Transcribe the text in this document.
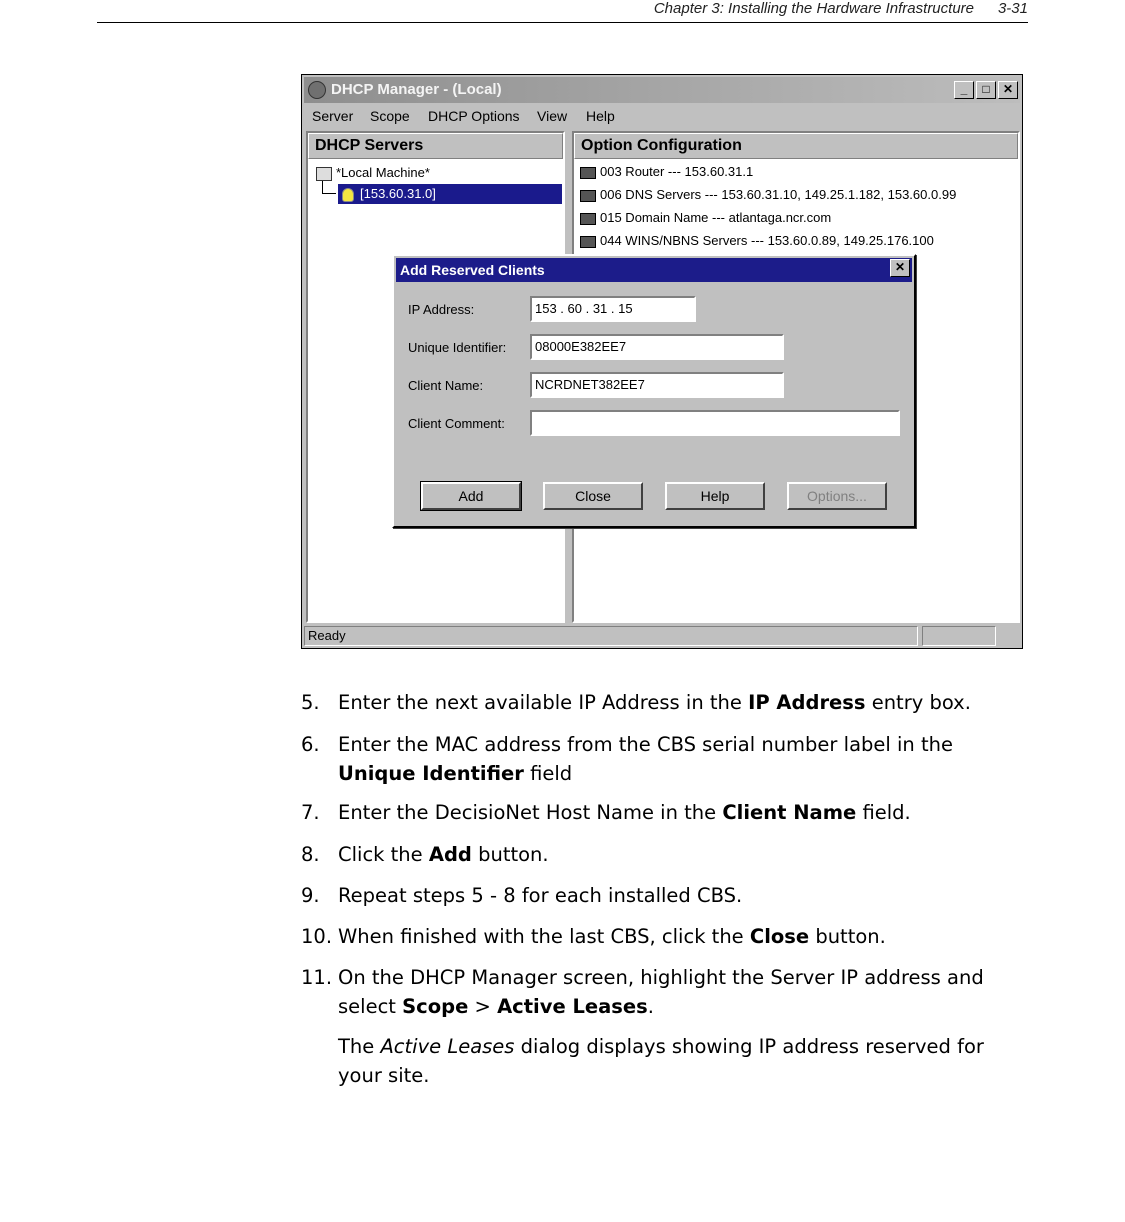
Chapter 3: Installing the Hardware Infrastructure 3-31
DHCP Manager - (Local)	_	□	✕
Server Scope DHCP Options View Help
DHCP Servers
*Local Machine*
[153.60.31.0]
Option Configuration
003 Router --- 153.60.31.1
006 DNS Servers --- 153.60.31.10, 149.25.1.182, 153.60.0.99
015 Domain Name --- atlantaga.ncr.com
044 WINS/NBNS Servers --- 153.60.0.89, 149.25.176.100
Ready
Add Reserved Clients	✕
IP Address:	153 . 60 . 31 . 15
Unique Identifier:	08000E382EE7
Client Name:	NCRDNET382EE7
Client Comment:
Add	Close	Help	Options...
5. Enter the next available IP Address in the IP Address entry box.
6. Enter the MAC address from the CBS serial number label in the Unique Identifier field
7. Enter the DecisioNet Host Name in the Client Name field.
8. Click the Add button.
9. Repeat steps 5 - 8 for each installed CBS.
10. When finished with the last CBS, click the Close button.
11. On the DHCP Manager screen, highlight the Server IP address and select Scope > Active Leases.
The Active Leases dialog displays showing IP address reserved for your site.
